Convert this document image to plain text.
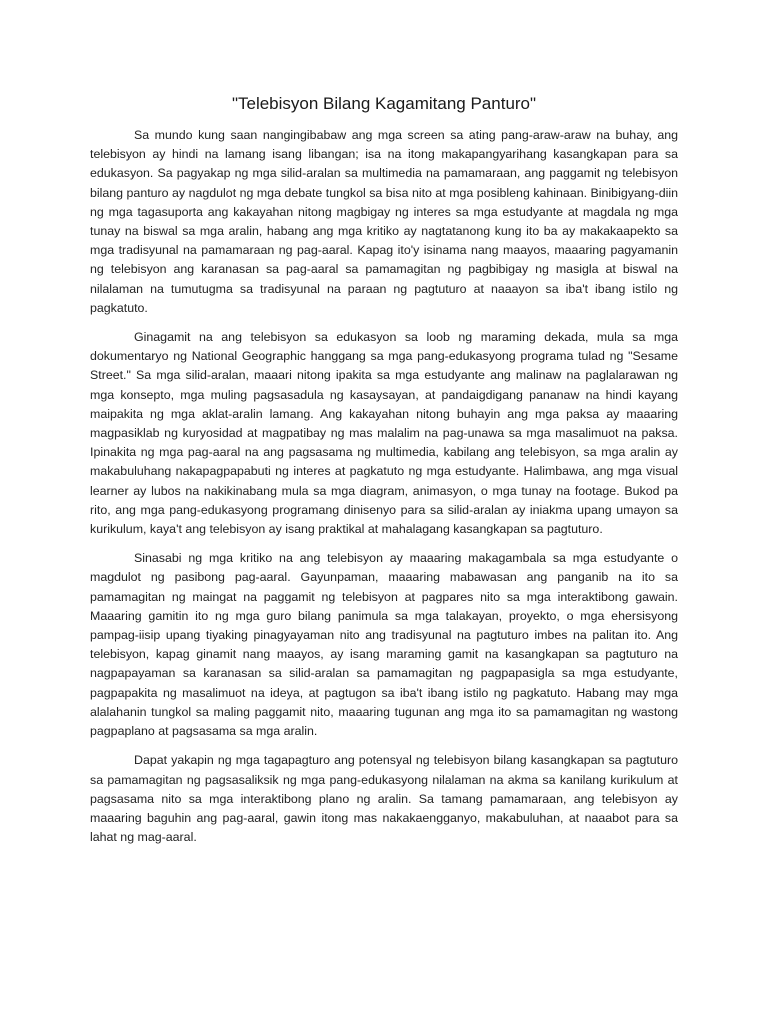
"Telebisyon Bilang Kagamitang Panturo"

Sa mundo kung saan nangingibabaw ang mga screen sa ating pang-araw-araw na buhay, ang telebisyon ay hindi na lamang isang libangan; isa na itong makapangyarihang kasangkapan para sa edukasyon. Sa pagyakap ng mga silid-aralan sa multimedia na pamamaraan, ang paggamit ng telebisyon bilang panturo ay nagdulot ng mga debate tungkol sa bisa nito at mga posibleng kahinaan. Binibigyang-diin ng mga tagasuporta ang kakayahan nitong magbigay ng interes sa mga estudyante at magdala ng mga tunay na biswal sa mga aralin, habang ang mga kritiko ay nagtatanong kung ito ba ay makakaapekto sa mga tradisyunal na pamamaraan ng pag-aaral. Kapag ito'y isinama nang maayos, maaaring pagyamanin ng telebisyon ang karanasan sa pag-aaral sa pamamagitan ng pagbibigay ng masigla at biswal na nilalaman na tumutugma sa tradisyunal na paraan ng pagtuturo at naaayon sa iba't ibang istilo ng pagkatuto.

Ginagamit na ang telebisyon sa edukasyon sa loob ng maraming dekada, mula sa mga dokumentaryo ng National Geographic hanggang sa mga pang-edukasyong programa tulad ng "Sesame Street." Sa mga silid-aralan, maaari nitong ipakita sa mga estudyante ang malinaw na paglalarawan ng mga konsepto, mga muling pagsasadula ng kasaysayan, at pandaigdigang pananaw na hindi kayang maipakita ng mga aklat-aralin lamang. Ang kakayahan nitong buhayin ang mga paksa ay maaaring magpasiklab ng kuryosidad at magpatibay ng mas malalim na pag-unawa sa mga masalimuot na paksa. Ipinakita ng mga pag-aaral na ang pagsasama ng multimedia, kabilang ang telebisyon, sa mga aralin ay makabuluhang nakapagpapabuti ng interes at pagkatuto ng mga estudyante. Halimbawa, ang mga visual learner ay lubos na nakikinabang mula sa mga diagram, animasyon, o mga tunay na footage. Bukod pa rito, ang mga pang-edukasyong programang dinisenyo para sa silid-aralan ay iniakma upang umayon sa kurikulum, kaya't ang telebisyon ay isang praktikal at mahalagang kasangkapan sa pagtuturo.

Sinasabi ng mga kritiko na ang telebisyon ay maaaring makagambala sa mga estudyante o magdulot ng pasibong pag-aaral. Gayunpaman, maaaring mabawasan ang panganib na ito sa pamamagitan ng maingat na paggamit ng telebisyon at pagpares nito sa mga interaktibong gawain. Maaaring gamitin ito ng mga guro bilang panimula sa mga talakayan, proyekto, o mga ehersisyong pampag-iisip upang tiyaking pinagyayaman nito ang tradisyunal na pagtuturo imbes na palitan ito. Ang telebisyon, kapag ginamit nang maayos, ay isang maraming gamit na kasangkapan sa pagtuturo na nagpapayaman sa karanasan sa silid-aralan sa pamamagitan ng pagpapasigla sa mga estudyante, pagpapakita ng masalimuot na ideya, at pagtugon sa iba't ibang istilo ng pagkatuto. Habang may mga alalahanin tungkol sa maling paggamit nito, maaaring tugunan ang mga ito sa pamamagitan ng wastong pagpaplano at pagsasama sa mga aralin.

Dapat yakapin ng mga tagapagturo ang potensyal ng telebisyon bilang kasangkapan sa pagtuturo sa pamamagitan ng pagsasaliksik ng mga pang-edukasyong nilalaman na akma sa kanilang kurikulum at pagsasama nito sa mga interaktibong plano ng aralin. Sa tamang pamamaraan, ang telebisyon ay maaaring baguhin ang pag-aaral, gawin itong mas nakakaengganyo, makabuluhan, at naaabot para sa lahat ng mag-aaral.
